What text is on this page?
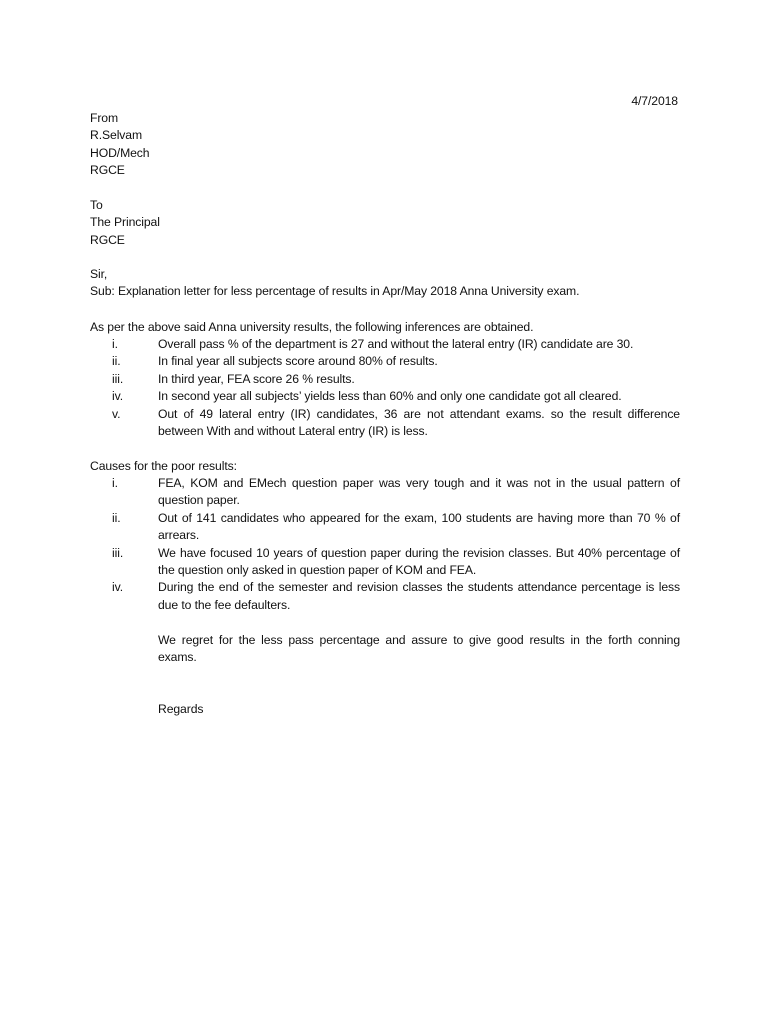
4/7/2018
From
R.Selvam
HOD/Mech
RGCE
To
The Principal
RGCE
Sir,
Sub: Explanation letter for less percentage of results in Apr/May 2018 Anna University exam.
As per the above said Anna university results, the following inferences are obtained.
i.	Overall pass % of the department is 27 and without the lateral entry (IR) candidate are 30.
ii.	In final year all subjects score around 80% of results.
iii.	In third year, FEA score 26 % results.
iv.	In second year all subjects’ yields less than 60% and only one candidate got all cleared.
v.	Out of 49 lateral entry (IR) candidates, 36 are not attendant exams. so the result difference between With and without Lateral entry (IR) is less.
Causes for the poor results:
i.	FEA, KOM and EMech question paper was very tough and it was not in the usual pattern of question paper.
ii.	Out of 141 candidates who appeared for the exam, 100 students are having more than 70 % of arrears.
iii.	We have focused 10 years of question paper during the revision classes. But 40% percentage of the question only asked in question paper of KOM and FEA.
iv.	During the end of the semester and revision classes the students attendance percentage is less due to the fee defaulters.
We regret for the less pass percentage and assure to give good results in the forth conning exams.
Regards
